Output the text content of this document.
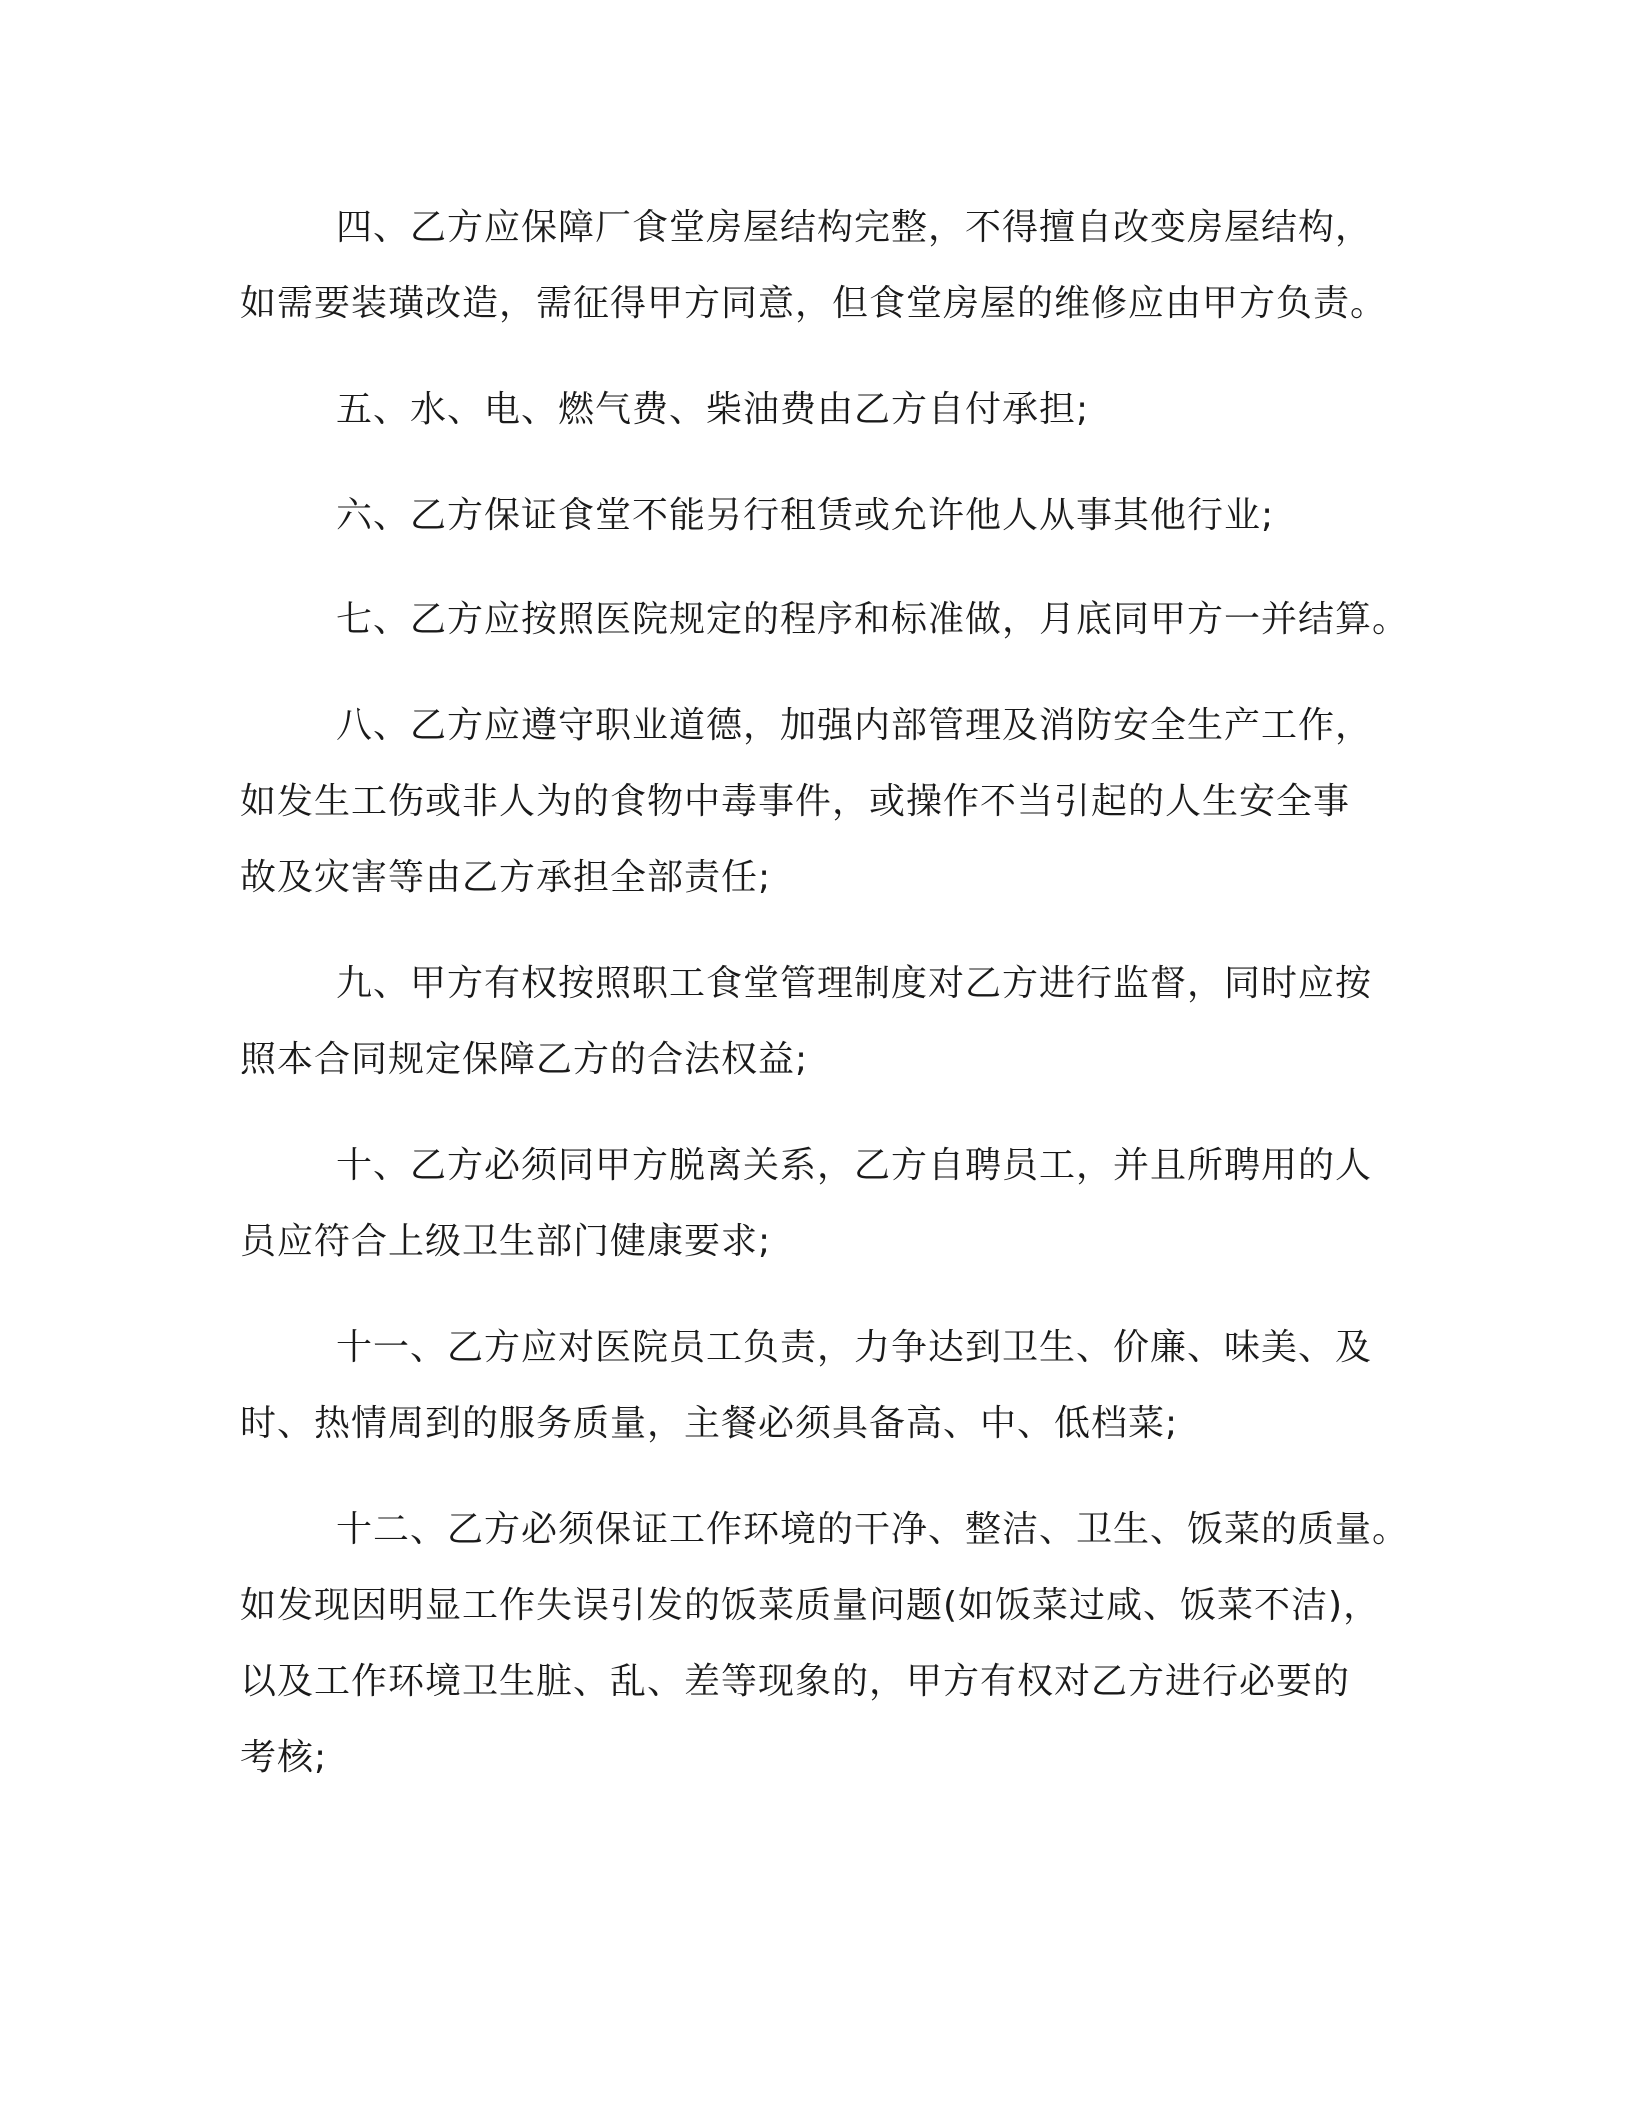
四、乙方应保障厂食堂房屋结构完整，不得擅自改变房屋结构，
如需要装璜改造，需征得甲方同意，但食堂房屋的维修应由甲方负责。

五、水、电、燃气费、柴油费由乙方自付承担;

六、乙方保证食堂不能另行租赁或允许他人从事其他行业;

七、乙方应按照医院规定的程序和标准做，月底同甲方一并结算。

八、乙方应遵守职业道德，加强内部管理及消防安全生产工作，
如发生工伤或非人为的食物中毒事件，或操作不当引起的人生安全事
故及灾害等由乙方承担全部责任;

九、甲方有权按照职工食堂管理制度对乙方进行监督，同时应按
照本合同规定保障乙方的合法权益;

十、乙方必须同甲方脱离关系，乙方自聘员工，并且所聘用的人
员应符合上级卫生部门健康要求;

十一、乙方应对医院员工负责，力争达到卫生、价廉、味美、及
时、热情周到的服务质量，主餐必须具备高、中、低档菜;

十二、乙方必须保证工作环境的干净、整洁、卫生、饭菜的质量。
如发现因明显工作失误引发的饭菜质量问题(如饭菜过咸、饭菜不洁)，
以及工作环境卫生脏、乱、差等现象的，甲方有权对乙方进行必要的
考核;
